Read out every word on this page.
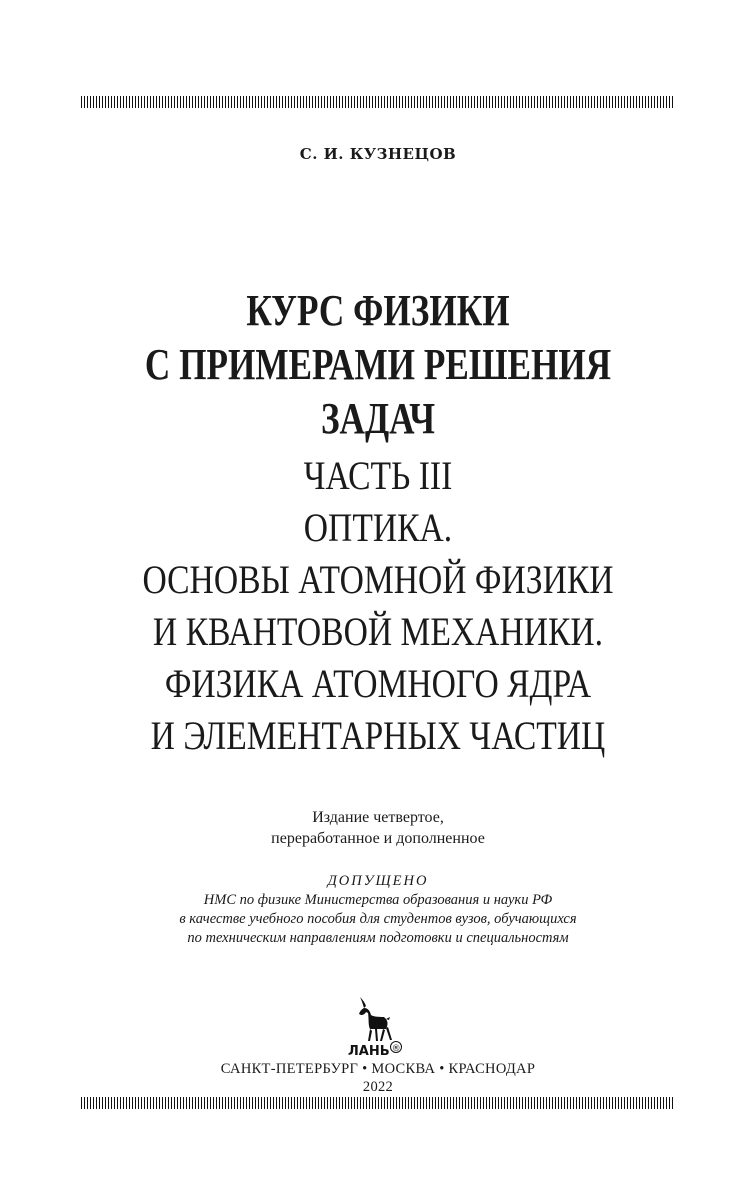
С. И. КУЗНЕЦОВ
КУРС ФИЗИКИ
С ПРИМЕРАМИ РЕШЕНИЯ
ЗАДАЧ
ЧАСТЬ III
ОПТИКА.
ОСНОВЫ АТОМНОЙ ФИЗИКИ
И КВАНТОВОЙ МЕХАНИКИ.
ФИЗИКА АТОМНОГО ЯДРА
И ЭЛЕМЕНТАРНЫХ ЧАСТИЦ
Издание четвертое,
переработанное и дополненное
ДОПУЩЕНО
НМС по физике Министерства образования и науки РФ
в качестве учебного пособия для студентов вузов, обучающихся
по техническим направлениям подготовки и специальностям
ЛАНЬ ®
САНКТ-ПЕТЕРБУРГ • МОСКВА • КРАСНОДАР
2022
